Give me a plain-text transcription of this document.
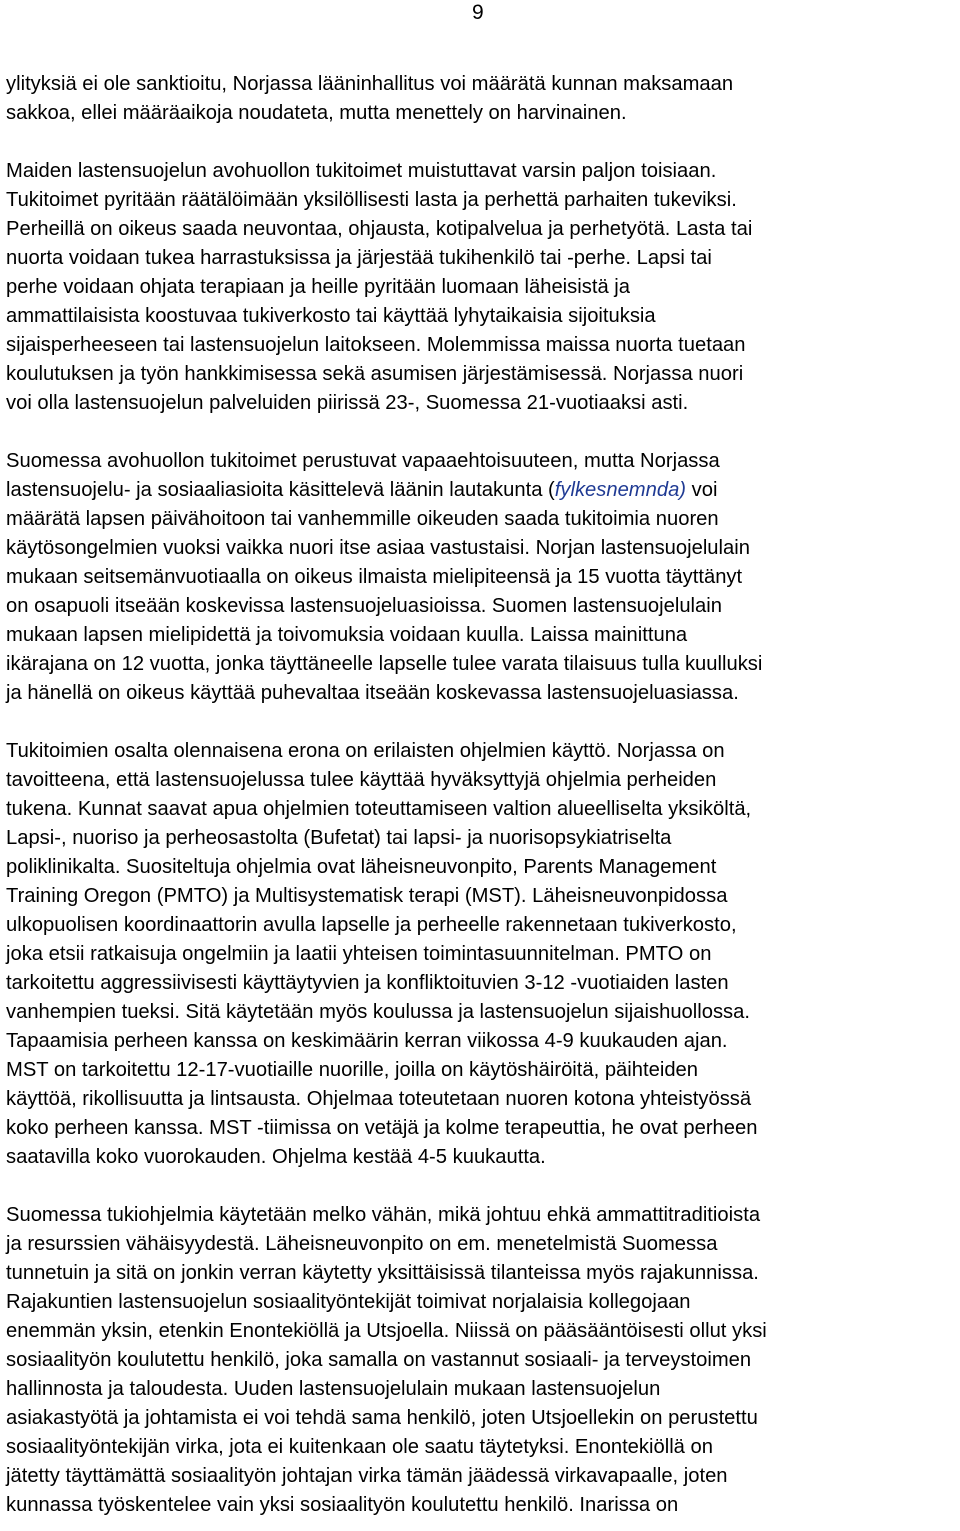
9

ylityksiä ei ole sanktioitu, Norjassa lääninhallitus voi määrätä kunnan maksamaan
sakkoa, ellei määräaikoja noudateta, mutta menettely on harvinainen.

Maiden lastensuojelun avohuollon tukitoimet muistuttavat varsin paljon toisiaan.
Tukitoimet pyritään räätälöimään yksilöllisesti lasta ja perhettä parhaiten tukeviksi.
Perheillä on oikeus saada neuvontaa, ohjausta, kotipalvelua ja perhetyötä. Lasta tai
nuorta voidaan tukea harrastuksissa ja järjestää tukihenkilö tai -perhe. Lapsi tai
perhe voidaan ohjata terapiaan ja heille pyritään luomaan läheisistä ja
ammattilaisista koostuvaa tukiverkosto tai käyttää lyhytaikaisia sijoituksia
sijaisperheeseen tai lastensuojelun laitokseen. Molemmissa maissa nuorta tuetaan
koulutuksen ja työn hankkimisessa sekä asumisen järjestämisessä. Norjassa nuori
voi olla lastensuojelun palveluiden piirissä 23-, Suomessa 21-vuotiaaksi asti.

Suomessa avohuollon tukitoimet perustuvat vapaaehtoisuuteen, mutta Norjassa
lastensuojelu- ja sosiaaliasioita käsittelevä läänin lautakunta (fylkesnemnda) voi
määrätä lapsen päivähoitoon tai vanhemmille oikeuden saada tukitoimia nuoren
käytösongelmien vuoksi vaikka nuori itse asiaa vastustaisi. Norjan lastensuojelulain
mukaan seitsemänvuotiaalla on oikeus ilmaista mielipiteensä ja 15 vuotta täyttänyt
on osapuoli itseään koskevissa lastensuojeluasioissa. Suomen lastensuojelulain
mukaan lapsen mielipidettä ja toivomuksia voidaan kuulla. Laissa mainittuna
ikärajana on 12 vuotta, jonka täyttäneelle lapselle tulee varata tilaisuus tulla kuulluksi
ja hänellä on oikeus käyttää puhevaltaa itseään koskevassa lastensuojeluasiassa.

Tukitoimien osalta olennaisena erona on erilaisten ohjelmien käyttö. Norjassa on
tavoitteena, että lastensuojelussa tulee käyttää hyväksyttyjä ohjelmia perheiden
tukena. Kunnat saavat apua ohjelmien toteuttamiseen valtion alueelliselta yksiköltä,
Lapsi-, nuoriso ja perheosastolta (Bufetat) tai lapsi- ja nuorisopsykiatriselta
poliklinikalta. Suositeltuja ohjelmia ovat läheisneuvonpito, Parents Management
Training Oregon (PMTO) ja Multisystematisk terapi (MST). Läheisneuvonpidossa
ulkopuolisen koordinaattorin avulla lapselle ja perheelle rakennetaan tukiverkosto,
joka etsii ratkaisuja ongelmiin ja laatii yhteisen toimintasuunnitelman. PMTO on
tarkoitettu aggressiivisesti käyttäytyvien ja konfliktoituvien 3-12 -vuotiaiden lasten
vanhempien tueksi. Sitä käytetään myös koulussa ja lastensuojelun sijaishuollossa.
Tapaamisia perheen kanssa on keskimäärin kerran viikossa 4-9 kuukauden ajan.
MST on tarkoitettu 12-17-vuotiaille nuorille, joilla on käytöshäiröitä, päihteiden
käyttöä, rikollisuutta ja lintsausta. Ohjelmaa toteutetaan nuoren kotona yhteistyössä
koko perheen kanssa. MST -tiimissa on vetäjä ja kolme terapeuttia, he ovat perheen
saatavilla koko vuorokauden. Ohjelma kestää 4-5 kuukautta.

Suomessa tukiohjelmia käytetään melko vähän, mikä johtuu ehkä ammattitraditioista
ja resurssien vähäisyydestä. Läheisneuvonpito on em. menetelmistä Suomessa
tunnetuin ja sitä on jonkin verran käytetty yksittäisissä tilanteissa myös rajakunnissa.
Rajakuntien lastensuojelun sosiaalityöntekijät toimivat norjalaisia kollegojaan
enemmän yksin, etenkin Enontekiöllä ja Utsjoella. Niissä on pääsääntöisesti ollut yksi
sosiaalityön koulutettu henkilö, joka samalla on vastannut sosiaali- ja terveystoimen
hallinnosta ja taloudesta. Uuden lastensuojelulain mukaan lastensuojelun
asiakastyötä ja johtamista ei voi tehdä sama henkilö, joten Utsjoellekin on perustettu
sosiaalityöntekijän virka, jota ei kuitenkaan ole saatu täytetyksi. Enontekiöllä on
jätetty täyttämättä sosiaalityön johtajan virka tämän jäädessä virkavapaalle, joten
kunnassa työskentelee vain yksi sosiaalityön koulutettu henkilö. Inarissa on
